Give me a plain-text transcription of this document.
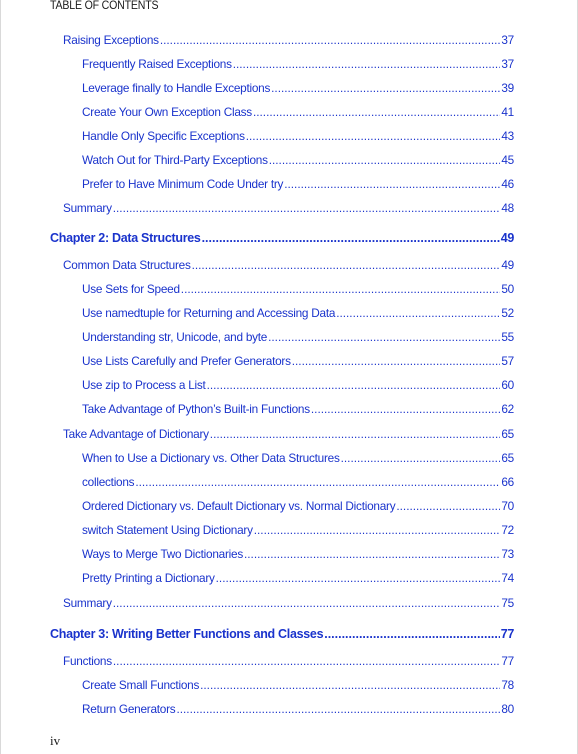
TABLE OF CONTENTS
Raising Exceptions .....	37
Frequently Raised Exceptions .....	37
Leverage finally to Handle Exceptions .....	39
Create Your Own Exception Class .....	41
Handle Only Specific Exceptions .....	43
Watch Out for Third-Party Exceptions .....	45
Prefer to Have Minimum Code Under try .....	46
Summary .....	48
Chapter 2: Data Structures .....	49
Common Data Structures .....	49
Use Sets for Speed .....	50
Use namedtuple for Returning and Accessing Data .....	52
Understanding str, Unicode, and byte .....	55
Use Lists Carefully and Prefer Generators .....	57
Use zip to Process a List .....	60
Take Advantage of Python’s Built-in Functions .....	62
Take Advantage of Dictionary .....	65
When to Use a Dictionary vs. Other Data Structures .....	65
collections .....	66
Ordered Dictionary vs. Default Dictionary vs. Normal Dictionary .....	70
switch Statement Using Dictionary .....	72
Ways to Merge Two Dictionaries .....	73
Pretty Printing a Dictionary .....	74
Summary .....	75
Chapter 3: Writing Better Functions and Classes .....	77
Functions .....	77
Create Small Functions .....	78
Return Generators .....	80
iv
